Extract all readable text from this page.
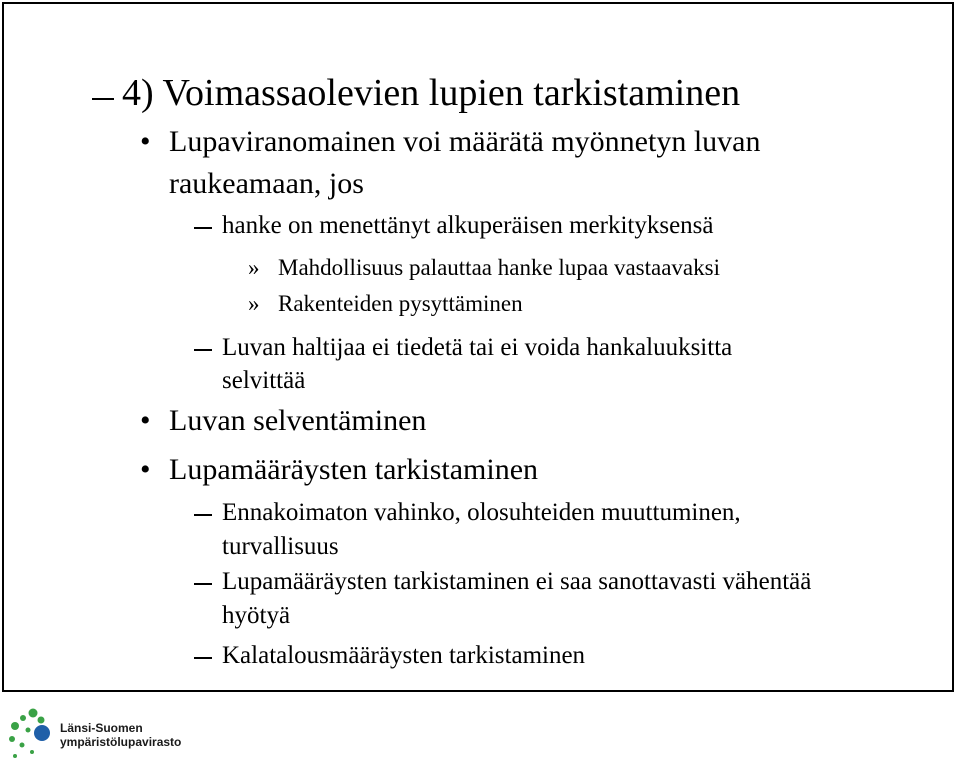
4) Voimassaolevien lupien tarkistaminen
• Lupaviranomainen voi määrätä myönnetyn luvan
raukeamaan, jos
hanke on menettänyt alkuperäisen merkityksensä
» Mahdollisuus palauttaa hanke lupaa vastaavaksi
» Rakenteiden pysyttäminen
Luvan haltijaa ei tiedetä tai ei voida hankaluuksitta
selvittää
• Luvan selventäminen
• Lupamääräysten tarkistaminen
Ennakoimaton vahinko, olosuhteiden muuttuminen,
turvallisuus
Lupamääräysten tarkistaminen ei saa sanottavasti vähentää
hyötyä
Kalatalousmääräysten tarkistaminen
Länsi-Suomen
ympäristölupavirasto
